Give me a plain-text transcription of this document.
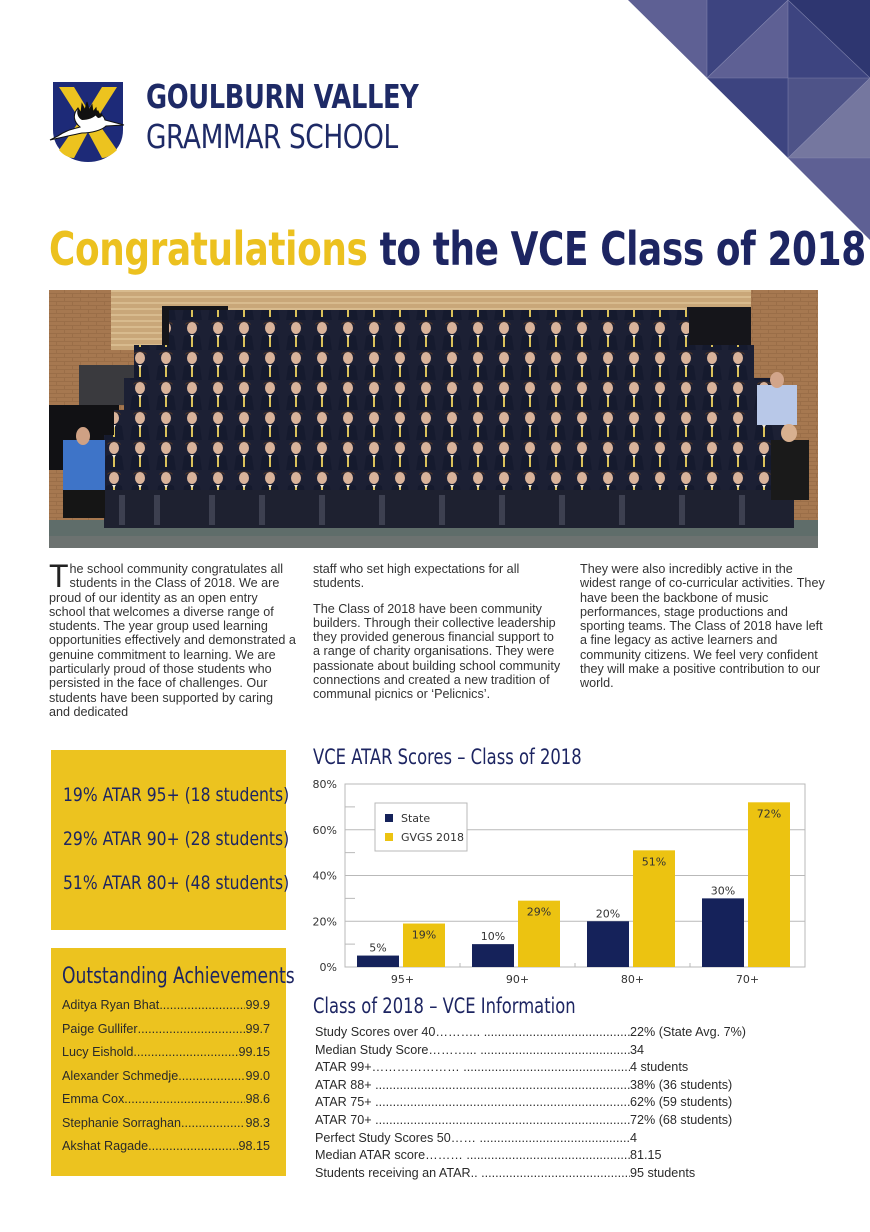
GOULBURN VALLEY
GRAMMAR SCHOOL
Congratulations to the VCE Class of 2018

The school community congratulates all students in the Class of 2018. We are proud of our identity as an open entry school that welcomes a diverse range of students. The year group used learning opportunities effectively and demonstrated a genuine commitment to learning. We are particularly proud of those students who persisted in the face of challenges. Our students have been supported by caring and dedicated

staff who set high expectations for all students.

The Class of 2018 have been community builders. Through their collective leadership they provided generous financial support to a range of charity organisations. They were passionate about building school community connections and created a new tradition of communal picnics or ‘Pelicnics’.

They were also incredibly active in the widest range of co-curricular activities. They have been the backbone of music performances, stage productions and sporting teams. The Class of 2018 have left a fine legacy as active learners and community citizens. We feel very confident they will make a positive contribution to our world.

19% ATAR 95+ (18 students)
29% ATAR 90+ (28 students)
51% ATAR 80+ (48 students)
Outstanding Achievements
Aditya Ryan Bhat .....	99.9
Paige Gullifer .....	99.7
Lucy Eishold .....	99.15
Alexander Schmedje .....	99.0
Emma Cox .....	98.6
Stephanie Sorraghan .....	98.3
Akshat Ragade .....	98.15
VCE ATAR Scores – Class of 2018
0%
20%
40%
60%
80%
5%
19%
95+
10%
29%
90+
20%
51%
80+
30%
72%
70+
State
GVGS 2018
Class of 2018 – VCE Information
Study Scores over 40……….. .....	22% (State Avg. 7%)
Median Study Score………... .....	34
ATAR 99+………………… .....	4 students
ATAR 88+ .....	38% (36 students)
ATAR 75+ .....	62% (59 students)
ATAR 70+ .....	72% (68 students)
Perfect Study Scores 50…… .....	4
Median ATAR score……… .....	81.15
Students receiving an ATAR.. .....	95 students
